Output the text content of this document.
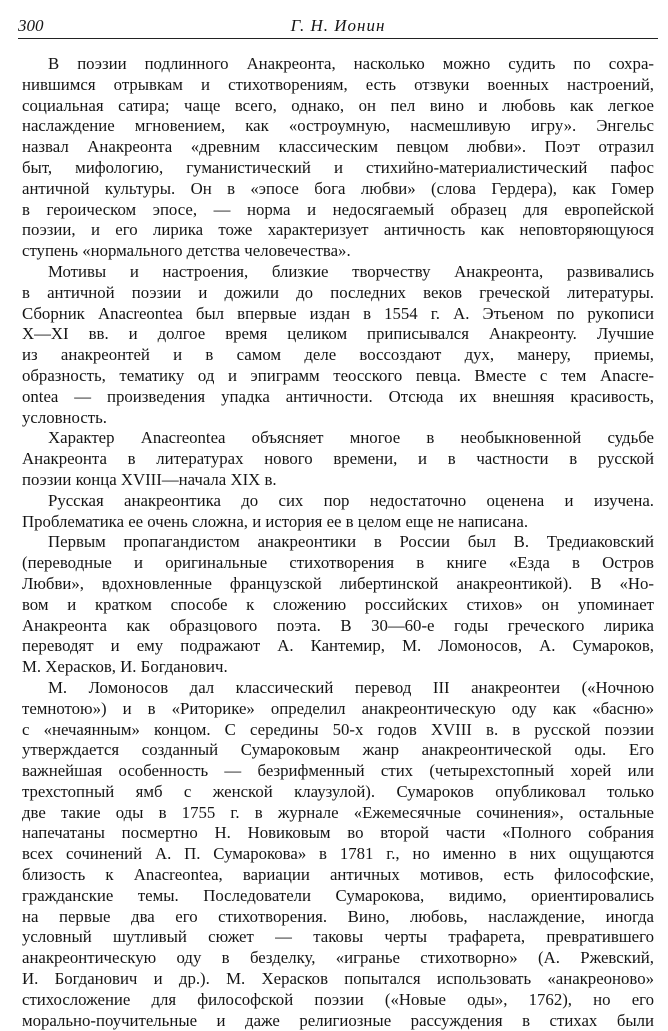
300	Г. Н. Ионин
В поэзии подлинного Анакреонта, насколько можно судить по сохра-
нившимся отрывкам и стихотворениям, есть отзвуки военных настроений,
социальная сатира; чаще всего, однако, он пел вино и любовь как легкое
наслаждение мгновением, как «остроумную, насмешливую игру». Энгельс
назвал Анакреонта «древним классическим певцом любви». Поэт отразил
быт, мифологию, гуманистический и стихийно-материалистический пафос
античной культуры. Он в «эпосе бога любви» (слова Гердера), как Гомер
в героическом эпосе, — норма и недосягаемый образец для европейской
поэзии, и его лирика тоже характеризует античность как неповторяющуюся
ступень «нормального детства человечества».
Мотивы и настроения, близкие творчеству Анакреонта, развивались
в античной поэзии и дожили до последних веков греческой литературы.
Сборник Anacreontea был впервые издан в 1554 г. А. Этьеном по рукописи
X—XI вв. и долгое время целиком приписывался Анакреонту. Лучшие
из анакреонтей и в самом деле воссоздают дух, манеру, приемы,
образность, тематику од и эпиграмм теосского певца. Вместе с тем Anacre-
ontea — произведения упадка античности. Отсюда их внешняя красивость,
условность.
Характер Anacreontea объясняет многое в необыкновенной судьбе
Анакреонта в литературах нового времени, и в частности в русской
поэзии конца XVIII—начала XIX в.
Русская анакреонтика до сих пор недостаточно оценена и изучена.
Проблематика ее очень сложна, и история ее в целом еще не написана.
Первым пропагандистом анакреонтики в России был В. Тредиаковский
(переводные и оригинальные стихотворения в книге «Езда в Остров
Любви», вдохновленные французской либертинской анакреонтикой). В «Но-
вом и кратком способе к сложению российских стихов» он упоминает
Анакреонта как образцового поэта. В 30—60-е годы греческого лирика
переводят и ему подражают А. Кантемир, М. Ломоносов, А. Сумароков,
М. Херасков, И. Богданович.
М. Ломоносов дал классический перевод III анакреонтеи («Ночною
темнотою») и в «Риторике» определил анакреонтическую оду как «басню»
с «нечаянным» концом. С середины 50-х годов XVIII в. в русской поэзии
утверждается созданный Сумароковым жанр анакреонтической оды. Его
важнейшая особенность — безрифменный стих (четырехстопный хорей или
трехстопный ямб с женской клаузулой). Сумароков опубликовал только
две такие оды в 1755 г. в журнале «Ежемесячные сочинения», остальные
напечатаны посмертно Н. Новиковым во второй части «Полного собрания
всех сочинений А. П. Сумарокова» в 1781 г., но именно в них ощущаются
близость к Anacreontea, вариации античных мотивов, есть философские,
гражданские темы. Последователи Сумарокова, видимо, ориентировались
на первые два его стихотворения. Вино, любовь, наслаждение, иногда
условный шутливый сюжет — таковы черты трафарета, превратившего
анакреонтическую оду в безделку, «игранье стихотворно» (А. Ржевский,
И. Богданович и др.). М. Херасков попытался использовать «анакреоново»
стихосложение для философской поэзии («Новые оды», 1762), но его
морально-поучительные и даже религиозные рассуждения в стихах были
